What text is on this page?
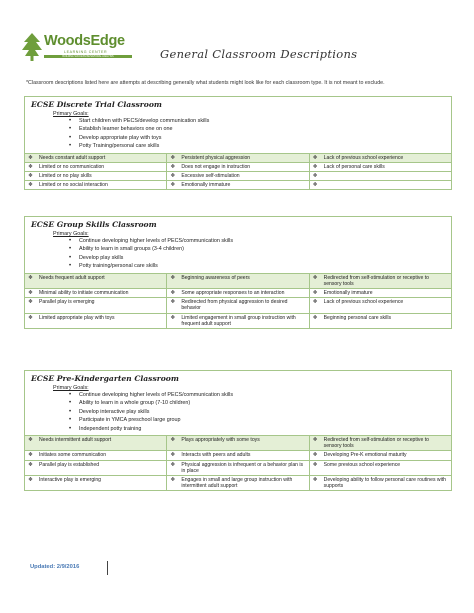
WoodsEdge
LEARNING CENTER
BUILDING SUCCESS BEHAVIORAL ANALYSIS	General Classroom Descriptions
*Classroom descriptions listed here are attempts at describing generally what students might look like for each classroom type. It is not meant to exclude.
ECSE Discrete Trial Classroom
Primary Goals:
• Start children with PECS/develop communication skills
• Establish learner behaviors one on one
• Develop appropriate play with toys
• Potty Training/personal care skills
❖ Needs constant adult support	❖ Persistent physical aggression	❖ Lack of previous school experience

❖ Limited or no communication	❖ Does not engage in instruction	❖ Lack of personal care skills

❖ Limited or no play skills	❖ Excessive self-stimulation	❖

❖ Limited or no social interaction	❖ Emotionally immature	❖
ECSE Group Skills Classroom
Primary Goals:
• Continue developing higher levels of PECS/communication skills
• Ability to learn in small groups (3-4 children)
• Develop play skills
• Potty training/personal care skills
❖ Needs frequent adult support	❖ Beginning awareness of peers	❖ Redirected from self-stimulation or receptive to sensory tools

❖ Minimal ability to initiate communication	❖ Some appropriate responses to an interaction	❖ Emotionally immature

❖ Parallel play is emerging	❖ Redirected from physical aggression to desired behavior	❖ Lack of previous school experience

❖ Limited appropriate play with toys	❖ Limited engagement in small group instruction with frequent adult support	❖ Beginning personal care skills
ECSE Pre-Kindergarten Classroom
Primary Goals:
• Continue developing higher levels of PECS/communication skills
• Ability to learn in a whole group (7-10 children)
• Develop interactive play skills
• Participate in YMCA preschool large group
• Independent potty training
❖ Needs intermittent adult support	❖ Plays appropriately with some toys	❖ Redirected from self-stimulation or receptive to sensory tools

❖ Initiates some communication	❖ Interacts with peers and adults	❖ Developing Pre-K emotional maturity

❖ Parallel play is established	❖ Physical aggression is infrequent or a behavior plan is in place	❖ Some previous school experience

❖ Interactive play is emerging	❖ Engages in small and large group instruction with intermittent adult support	❖ Developing ability to follow personal care routines with supports
Updated: 2/9/2016
